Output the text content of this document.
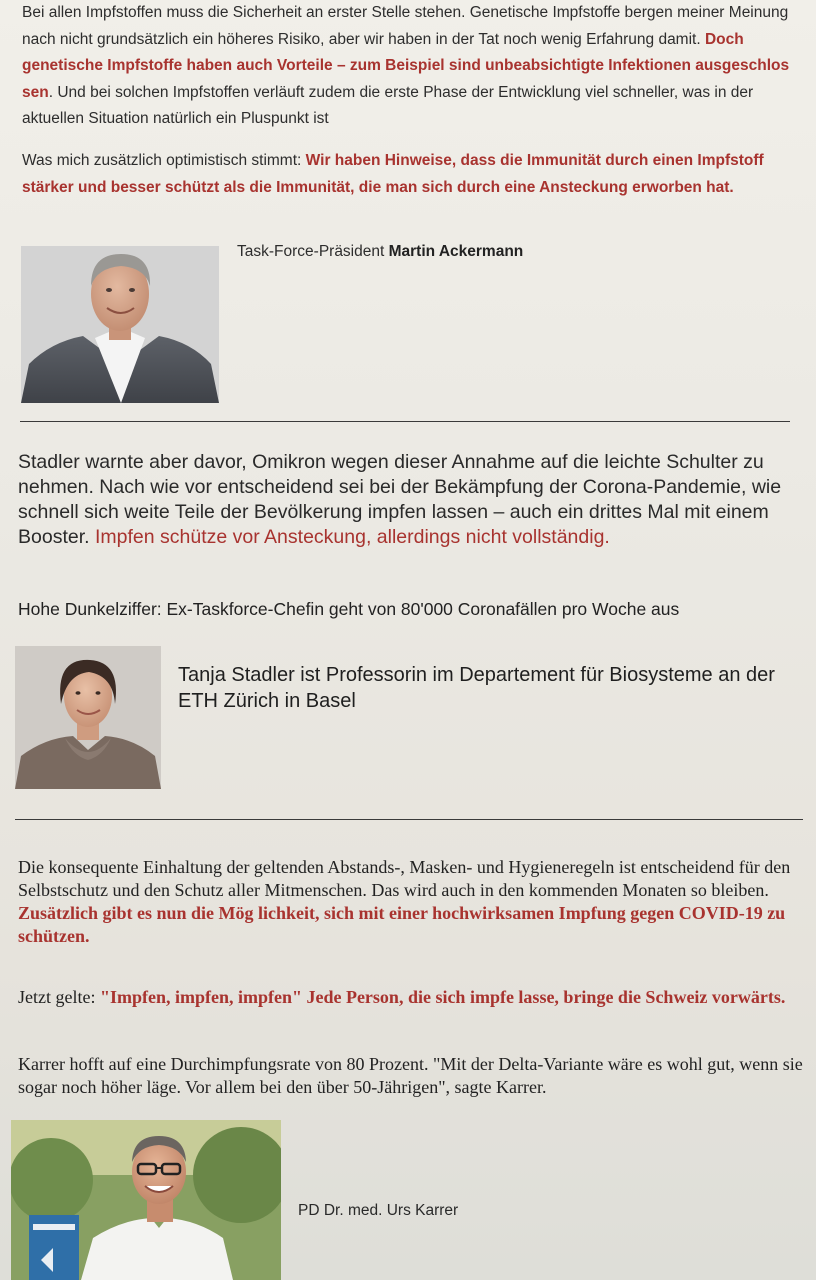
Bei allen Impfstoffen muss die Sicherheit an erster Stelle stehen. Genetische Impfstoffe bergen meiner Meinung nach nicht grundsätzlich ein höheres Risiko, aber wir haben in der Tat noch wenig Erfahrung damit. Doch genetische Impfstoffe haben auch Vorteile – zum Beispiel sind unbeabsichtigte Infektionen ausgeschlos sen. Und bei solchen Impfstoffen verläuft zudem die erste Phase der Entwicklung viel schneller, was in der aktuellen Situation natürlich ein Pluspunkt ist

Was mich zusätzlich optimistisch stimmt: Wir haben Hinweise, dass die Immunität durch einen Impfstoff stärker und besser schützt als die Immunität, die man sich durch eine Ansteckung erworben hat.

Task-Force-Präsident Martin Ackermann

Stadler warnte aber davor, Omikron wegen dieser Annahme auf die leichte Schulter zu nehmen. Nach wie vor entscheidend sei bei der Bekämpfung der Corona-Pandemie, wie schnell sich weite Teile der Bevölkerung impfen lassen – auch ein drittes Mal mit einem Booster. Impfen schütze vor Ansteckung, allerdings nicht vollständig.

Hohe Dunkelziffer: Ex-Taskforce-Chefin geht von 80'000 Coronafällen pro Woche aus

Tanja Stadler ist Professorin im Departement für Biosysteme an der ETH Zürich in Basel

Die konsequente Einhaltung der geltenden Abstands-, Masken- und Hygieneregeln ist entscheidend für den Selbstschutz und den Schutz aller Mitmenschen. Das wird auch in den kommenden Monaten so bleiben. Zusätzlich gibt es nun die Mög lichkeit, sich mit einer hochwirksamen Impfung gegen COVID-19 zu schützen.

Jetzt gelte: "Impfen, impfen, impfen" Jede Person, die sich impfe lasse, bringe die Schweiz vorwärts.

Karrer hofft auf eine Durchimpfungsrate von 80 Prozent. "Mit der Delta-Variante wäre es wohl gut, wenn sie sogar noch höher läge. Vor allem bei den über 50-Jährigen", sagte Karrer.

PD Dr. med. Urs Karrer
